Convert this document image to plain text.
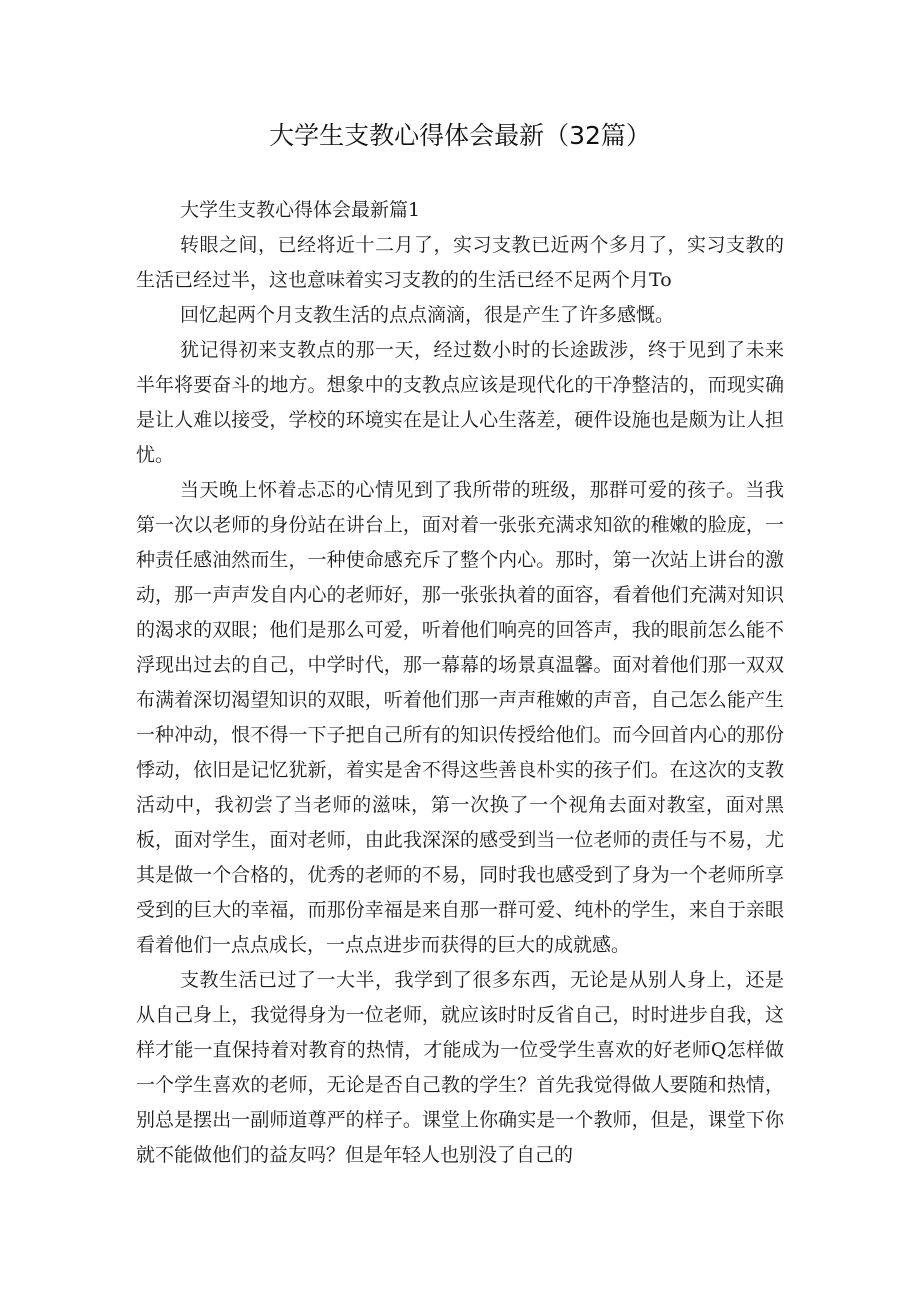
大学生支教心得体会最新（32篇）

大学生支教心得体会最新篇1

转眼之间，已经将近十二月了，实习支教已近两个多月了，实习支教的生活已经过半，这也意味着实习支教的的生活已经不足两个月To

回忆起两个月支教生活的点点滴滴，很是产生了许多感慨。

犹记得初来支教点的那一天，经过数小时的长途跋涉，终于见到了未来半年将要奋斗的地方。想象中的支教点应该是现代化的干净整洁的，而现实确是让人难以接受，学校的环境实在是让人心生落差，硬件设施也是颇为让人担忧。

当天晚上怀着忐忑的心情见到了我所带的班级，那群可爱的孩子。当我第一次以老师的身份站在讲台上，面对着一张张充满求知欲的稚嫩的脸庞，一种责任感油然而生，一种使命感充斥了整个内心。那时，第一次站上讲台的激动，那一声声发自内心的老师好，那一张张执着的面容，看着他们充满对知识的渴求的双眼；他们是那么可爱，听着他们响亮的回答声，我的眼前怎么能不浮现出过去的自己，中学时代，那一幕幕的场景真温馨。面对着他们那一双双布满着深切渴望知识的双眼，听着他们那一声声稚嫩的声音，自己怎么能产生一种冲动，恨不得一下子把自己所有的知识传授给他们。而今回首内心的那份悸动，依旧是记忆犹新，着实是舍不得这些善良朴实的孩子们。在这次的支教活动中，我初尝了当老师的滋味，第一次换了一个视角去面对教室，面对黑板，面对学生，面对老师，由此我深深的感受到当一位老师的责任与不易，尤其是做一个合格的，优秀的老师的不易，同时我也感受到了身为一个老师所享受到的巨大的幸福，而那份幸福是来自那一群可爱、纯朴的学生，来自于亲眼看着他们一点点成长，一点点进步而获得的巨大的成就感。

支教生活已过了一大半，我学到了很多东西，无论是从别人身上，还是从自己身上，我觉得身为一位老师，就应该时时反省自己，时时进步自我，这样才能一直保持着对教育的热情，才能成为一位受学生喜欢的好老师Q怎样做一个学生喜欢的老师，无论是否自己教的学生？首先我觉得做人要随和热情，别总是摆出一副师道尊严的样子。课堂上你确实是一个教师，但是，课堂下你就不能做他们的益友吗？但是年轻人也别没了自己的
